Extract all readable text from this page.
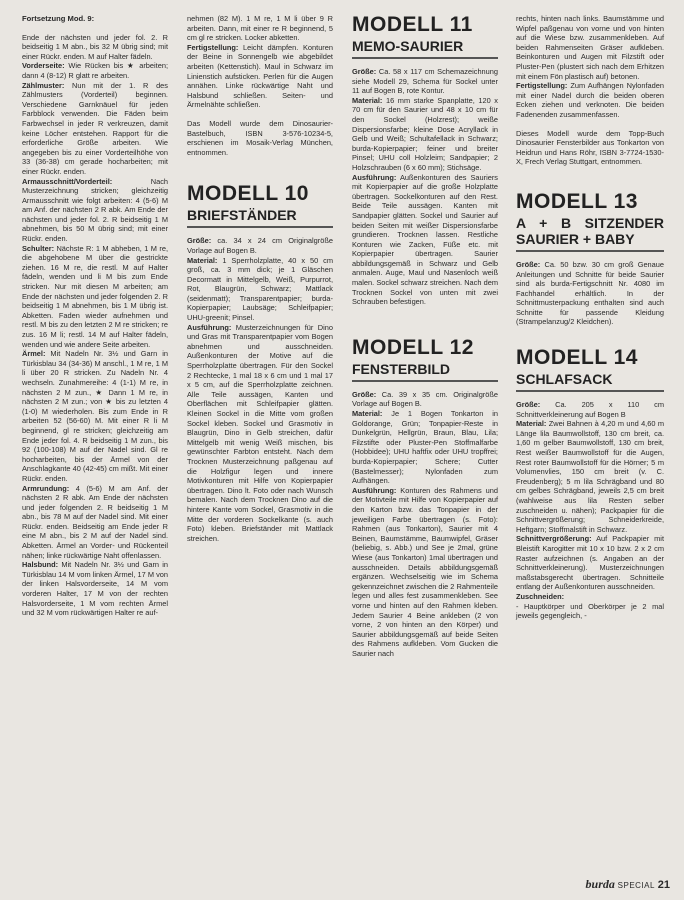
Fortsetzung Mod. 9:

Ende der nächsten und jeder fol. 2. R beidseitig 1 M abn., bis 32 M übrig sind; mit einer Rückr. enden. M auf Halter fädeln.

Vorderseite: Wie Rücken bis ★ arbeiten; dann 4 (8-12) R glatt re arbeiten.

Zählmuster: Nun mit der 1. R des Zählmusters (Vorderteil) beginnen. Verschiedene Garnknäuel für jeden Farbblock verwenden. Die Fäden beim Farbwechsel in jeder R verkreuzen, damit keine Löcher entstehen. Rapport für die erforderliche Größe arbeiten. Wie angegeben bis zu einer Vorderteilhöhe von 33 (36-38) cm gerade hocharbeiten; mit einer Rückr. enden.

Armausschnitt/Vorderteil: Nach Musterzeichnung stricken; gleichzeitig Armausschnitt wie folgt arbeiten: 4 (5-6) M am Anf. der nächsten 2 R abk. Am Ende der nächsten und jeder fol. 2. R beidseitig 1 M abnehmen, bis 50 M übrig sind; mit einer Rückr. enden.

Schulter: Nächste R: 1 M abheben, 1 M re, die abgehobene M über die gestrickte ziehen. 16 M re, die restl. M auf Halter fädeln, wenden und li M bis zum Ende stricken. Nur mit diesen M arbeiten; am Ende der nächsten und jeder folgenden 2. R beidseitig 1 M abnehmen, bis 1 M übrig ist. Abketten. Faden wieder aufnehmen und restl. M bis zu den letzten 2 M re stricken; re zus. 16 M li; restl. 14 M auf Halter fädeln, wenden und wie andere Seite arbeiten.

Ärmel: Mit Nadeln Nr. 3½ und Garn in Türkisblau 34 (34-36) M anschl., 1 M re, 1 M li über 20 R stricken. Zu Nadeln Nr. 4 wechseln. Zunahmereihe: 4 (1-1) M re, in nächsten 2 M zun., ★ Dann 1 M re, in nächsten 2 M zun.; von ★ bis zu letzten 4 (1-0) M wiederholen. Bis zum Ende in R arbeiten 52 (56-60) M. Mit einer R li M beginnend, gl re stricken; gleichzeitig am Ende jeder fol. 4. R beidseitig 1 M zun., bis 92 (100-108) M auf der Nadel sind. Gl re hocharbeiten, bis der Ärmel von der Anschlagkante 40 (42-45) cm mißt. Mit einer Rückr. enden.

Armrundung: 4 (5-6) M am Anf. der nächsten 2 R abk. Am Ende der nächsten und jeder folgenden 2. R beidseitig 1 M abn., bis 78 M auf der Nadel sind. Mit einer Rückr. enden. Beidseitig am Ende jeder R eine M abn., bis 2 M auf der Nadel sind. Abketten. Ärmel an Vorder- und Rückenteil nähen; linke rückwärtige Naht offenlassen.

Halsbund: Mit Nadeln Nr. 3½ und Garn in Türkisblau 14 M vom linken Ärmel, 17 M von der linken Halsvorderseite, 14 M vom vorderen Halter, 17 M von der rechten Halsvorderseite, 1 M vom rechten Ärmel und 32 M vom rückwärtigen Halter re auf-

nehmen (82 M). 1 M re, 1 M li über 9 R arbeiten. Dann, mit einer re R beginnend, 5 cm gl re stricken. Locker abketten.

Fertigstellung: Leicht dämpfen. Konturen der Beine in Sonnengelb wie abgebildet arbeiten (Kettenstich). Maul in Schwarz im Linienstich aufsticken. Perlen für die Augen annähen. Linke rückwärtige Naht und Halsbund schließen. Seiten- und Ärmelnähte schließen.

Das Modell wurde dem Dinosaurier-Bastelbuch, ISBN 3-576-10234-5, erschienen im Mosaik-Verlag München, entnommen.

MODELL 10
BRIEFSTÄNDER

Größe: ca. 34 x 24 cm Originalgröße Vorlage auf Bogen B.

Material: 1 Sperrholzplatte, 40 x 50 cm groß, ca. 3 mm dick; je 1 Gläschen Decormatt in Mittelgelb, Weiß, Purpurrot, Rot, Blaugrün, Schwarz; Mattlack (seidenmatt); Transparentpapier; burda-Kopierpapier; Laubsäge; Schleifpapier; UHU-greenit; Pinsel.

Ausführung: Musterzeichnungen für Dino und Gras mit Transparentpapier vom Bogen abnehmen und ausschneiden. Außenkonturen der Motive auf die Sperrholzplatte übertragen. Für den Sockel 2 Rechtecke, 1 mal 18 x 6 cm und 1 mal 17 x 5 cm, auf die Sperrholzplatte zeichnen. Alle Teile aussägen, Kanten und Oberflächen mit Schleifpapier glätten. Kleinen Sockel in die Mitte vom großen Sockel kleben. Sockel und Grasmotiv in Blaugrün, Dino in Gelb streichen, dafür Mittelgelb mit wenig Weiß mischen, bis gewünschter Farbton entsteht. Nach dem Trocknen Musterzeichnung paßgenau auf die Holzfigur legen und innere Motivkonturen mit Hilfe von Kopierpapier übertragen. Dino lt. Foto oder nach Wunsch bemalen. Nach dem Trocknen Dino auf die hintere Kante vom Sockel, Grasmotiv in die Mitte der vorderen Sockelkante (s. auch Foto) kleben. Briefständer mit Mattlack streichen.

MODELL 11
MEMO-SAURIER

Größe: Ca. 58 x 117 cm Schemazeichnung siehe Modell 29, Schema für Sockel unter 11 auf Bogen B, rote Kontur.

Material: 16 mm starke Spanplatte, 120 x 70 cm für den Saurier und 48 x 10 cm für den Sockel (Holzrest); weiße Dispersionsfarbe; kleine Dose Acryllack in Gelb und Weiß; Schultafellack in Schwarz; burda-Kopierpapier; feiner und breiter Pinsel; UHU coll Holzleim; Sandpapier; 2 Holzschrauben (6 x 60 mm); Stichsäge.

Ausführung: Außenkonturen des Sauriers mit Kopierpapier auf die große Holzplatte übertragen. Sockelkonturen auf den Rest. Beide Teile aussägen. Kanten mit Sandpapier glätten. Sockel und Saurier auf beiden Seiten mit weißer Dispersionsfarbe grundieren. Trocknen lassen. Restliche Konturen wie Zacken, Füße etc. mit Kopierpapier übertragen. Saurier abbildungsgemäß in Schwarz und Gelb anmalen. Auge, Maul und Nasenloch weiß malen. Sockel schwarz streichen. Nach dem Trocknen Sockel von unten mit zwei Schrauben befestigen.

MODELL 12
FENSTERBILD

Größe: Ca. 39 x 35 cm. Originalgröße Vorlage auf Bogen B.

Material: Je 1 Bogen Tonkarton in Goldorange, Grün; Tonpapier-Reste in Dunkelgrün, Hellgrün, Braun, Blau, Lila; Filzstifte oder Pluster-Pen Stoffmalfarbe (Hobbidee); UHU haftfix oder UHU tropffrei; burda-Kopierpapier; Schere; Cutter (Bastelmesser); Nylonfaden zum Aufhängen.

Ausführung: Konturen des Rahmens und der Motivteile mit Hilfe von Kopierpapier auf den Karton bzw. das Tonpapier in der jeweiligen Farbe übertragen (s. Foto): Rahmen (aus Tonkarton), Saurier mit 4 Beinen, Baumstämme, Baumwipfel, Gräser (beliebig, s. Abb.) und See je 2mal, grüne Wiese (aus Tonkarton) 1mal übertragen und ausschneiden. Details abbildungsgemäß ergänzen. Wechselseitig wie im Schema gekennzeichnet zwischen die 2 Rahmenteile legen und alles fest zusammenkleben. See vorne und hinten auf den Rahmen kleben. Jedem Saurier 4 Beine ankleben (2 von vorne, 2 von hinten an den Körper) und Saurier abbildungsgemäß auf beide Seiten des Rahmens aufkleben. Vom Gucken die Saurier nach

rechts, hinten nach links. Baumstämme und Wipfel paßgenau von vorne und von hinten auf die Wiese bzw. zusammenkleben. Auf beiden Rahmenseiten Gräser aufkleben. Beinkonturen und Augen mit Filzstift oder Pluster-Pen (plustert sich nach dem Erhitzen mit einem Fön plastisch auf) betonen.

Fertigstellung: Zum Aufhängen Nylonfaden mit einer Nadel durch die beiden oberen Ecken ziehen und verknoten. Die beiden Fadenenden zusammenfassen.

Dieses Modell wurde dem Topp-Buch Dinosaurier Fensterbilder aus Tonkarton von Heidrun und Hans Röhr, ISBN 3-7724-1530-X, Frech Verlag Stuttgart, entnommen.

MODELL 13
A + B SITZENDER SAURIER + BABY

Größe: Ca. 50 bzw. 30 cm groß Genaue Anleitungen und Schnitte für beide Saurier sind als burda-Fertigschnitt Nr. 4080 im Fachhandel erhältlich. In der Schnittmusterpackung enthalten sind auch Schnitte für passende Kleidung (Strampelanzug/2 Kleidchen).

MODELL 14
SCHLAFSACK

Größe: Ca. 205 x 110 cm Schnittverkleinerung auf Bogen B

Material: Zwei Bahnen à 4,20 m und 4,60 m Länge lila Baumwollstoff, 130 cm breit, ca. 1,60 m gelber Baumwollstoff, 130 cm breit, Rest weißer Baumwollstoff für die Augen, Rest roter Baumwollstoff für die Hörner; 5 m Volumenvlies, 150 cm breit (v. C. Freudenberg); 5 m lila Schrägband und 80 cm gelbes Schrägband, jeweils 2,5 cm breit (wahlweise aus lila Resten selber zuschneiden u. nähen); Packpapier für die Schnittvergrößerung; Schneiderkreide, Heftgarn; Stoffmalstift in Schwarz.

Schnittvergrößerung: Auf Packpapier mit Bleistift Karogitter mit 10 x 10 bzw. 2 x 2 cm Raster aufzeichnen (s. Angaben an der Schnittverkleinerung). Musterzeichnungen maßstabsgerecht übertragen. Schnitteile entlang der Außenkonturen ausschneiden.

Zuschneiden:

- Hauptkörper und Oberkörper je 2 mal jeweils gegengleich, -

burda SPECIAL 21
